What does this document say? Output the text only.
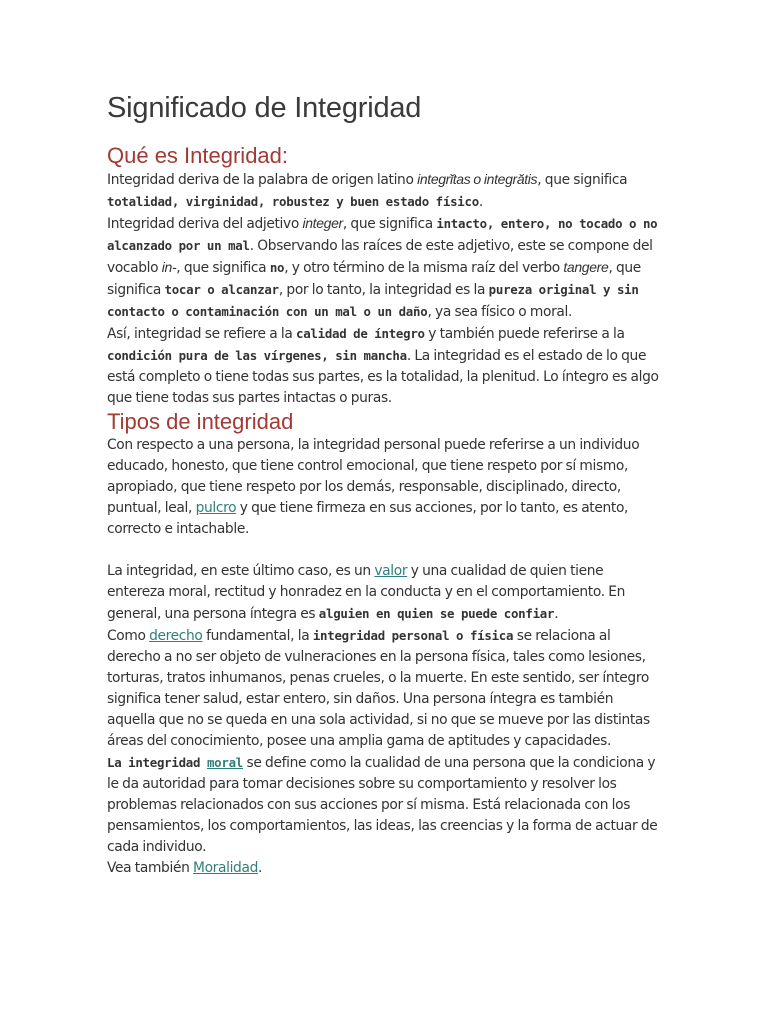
Significado de Integridad
Qué es Integridad:

Integridad deriva de la palabra de origen latino integrĭtas o integrătis, que significa totalidad, virginidad, robustez y buen estado físico.

Integridad deriva del adjetivo integer, que significa intacto, entero, no tocado o no alcanzado por un mal. Observando las raíces de este adjetivo, este se compone del vocablo in-, que significa no, y otro término de la misma raíz del verbo tangere, que significa tocar o alcanzar, por lo tanto, la integridad es la pureza original y sin contacto o contaminación con un mal o un daño, ya sea físico o moral.

Así, integridad se refiere a la calidad de íntegro y también puede referirse a la condición pura de las vírgenes, sin mancha. La integridad es el estado de lo que está completo o tiene todas sus partes, es la totalidad, la plenitud. Lo íntegro es algo que tiene todas sus partes intactas o puras.

Tipos de integridad

Con respecto a una persona, la integridad personal puede referirse a un individuo educado, honesto, que tiene control emocional, que tiene respeto por sí mismo, apropiado, que tiene respeto por los demás, responsable, disciplinado, directo, puntual, leal, pulcro y que tiene firmeza en sus acciones, por lo tanto, es atento, correcto e intachable.

La integridad, en este último caso, es un valor y una cualidad de quien tiene entereza moral, rectitud y honradez en la conducta y en el comportamiento. En general, una persona íntegra es alguien en quien se puede confiar.

Como derecho fundamental, la integridad personal o física se relaciona al derecho a no ser objeto de vulneraciones en la persona física, tales como lesiones, torturas, tratos inhumanos, penas crueles, o la muerte. En este sentido, ser íntegro significa tener salud, estar entero, sin daños. Una persona íntegra es también aquella que no se queda en una sola actividad, si no que se mueve por las distintas áreas del conocimiento, posee una amplia gama de aptitudes y capacidades.

La integridad moral se define como la cualidad de una persona que la condiciona y le da autoridad para tomar decisiones sobre su comportamiento y resolver los problemas relacionados con sus acciones por sí misma. Está relacionada con los pensamientos, los comportamientos, las ideas, las creencias y la forma de actuar de cada individuo.

Vea también Moralidad.
